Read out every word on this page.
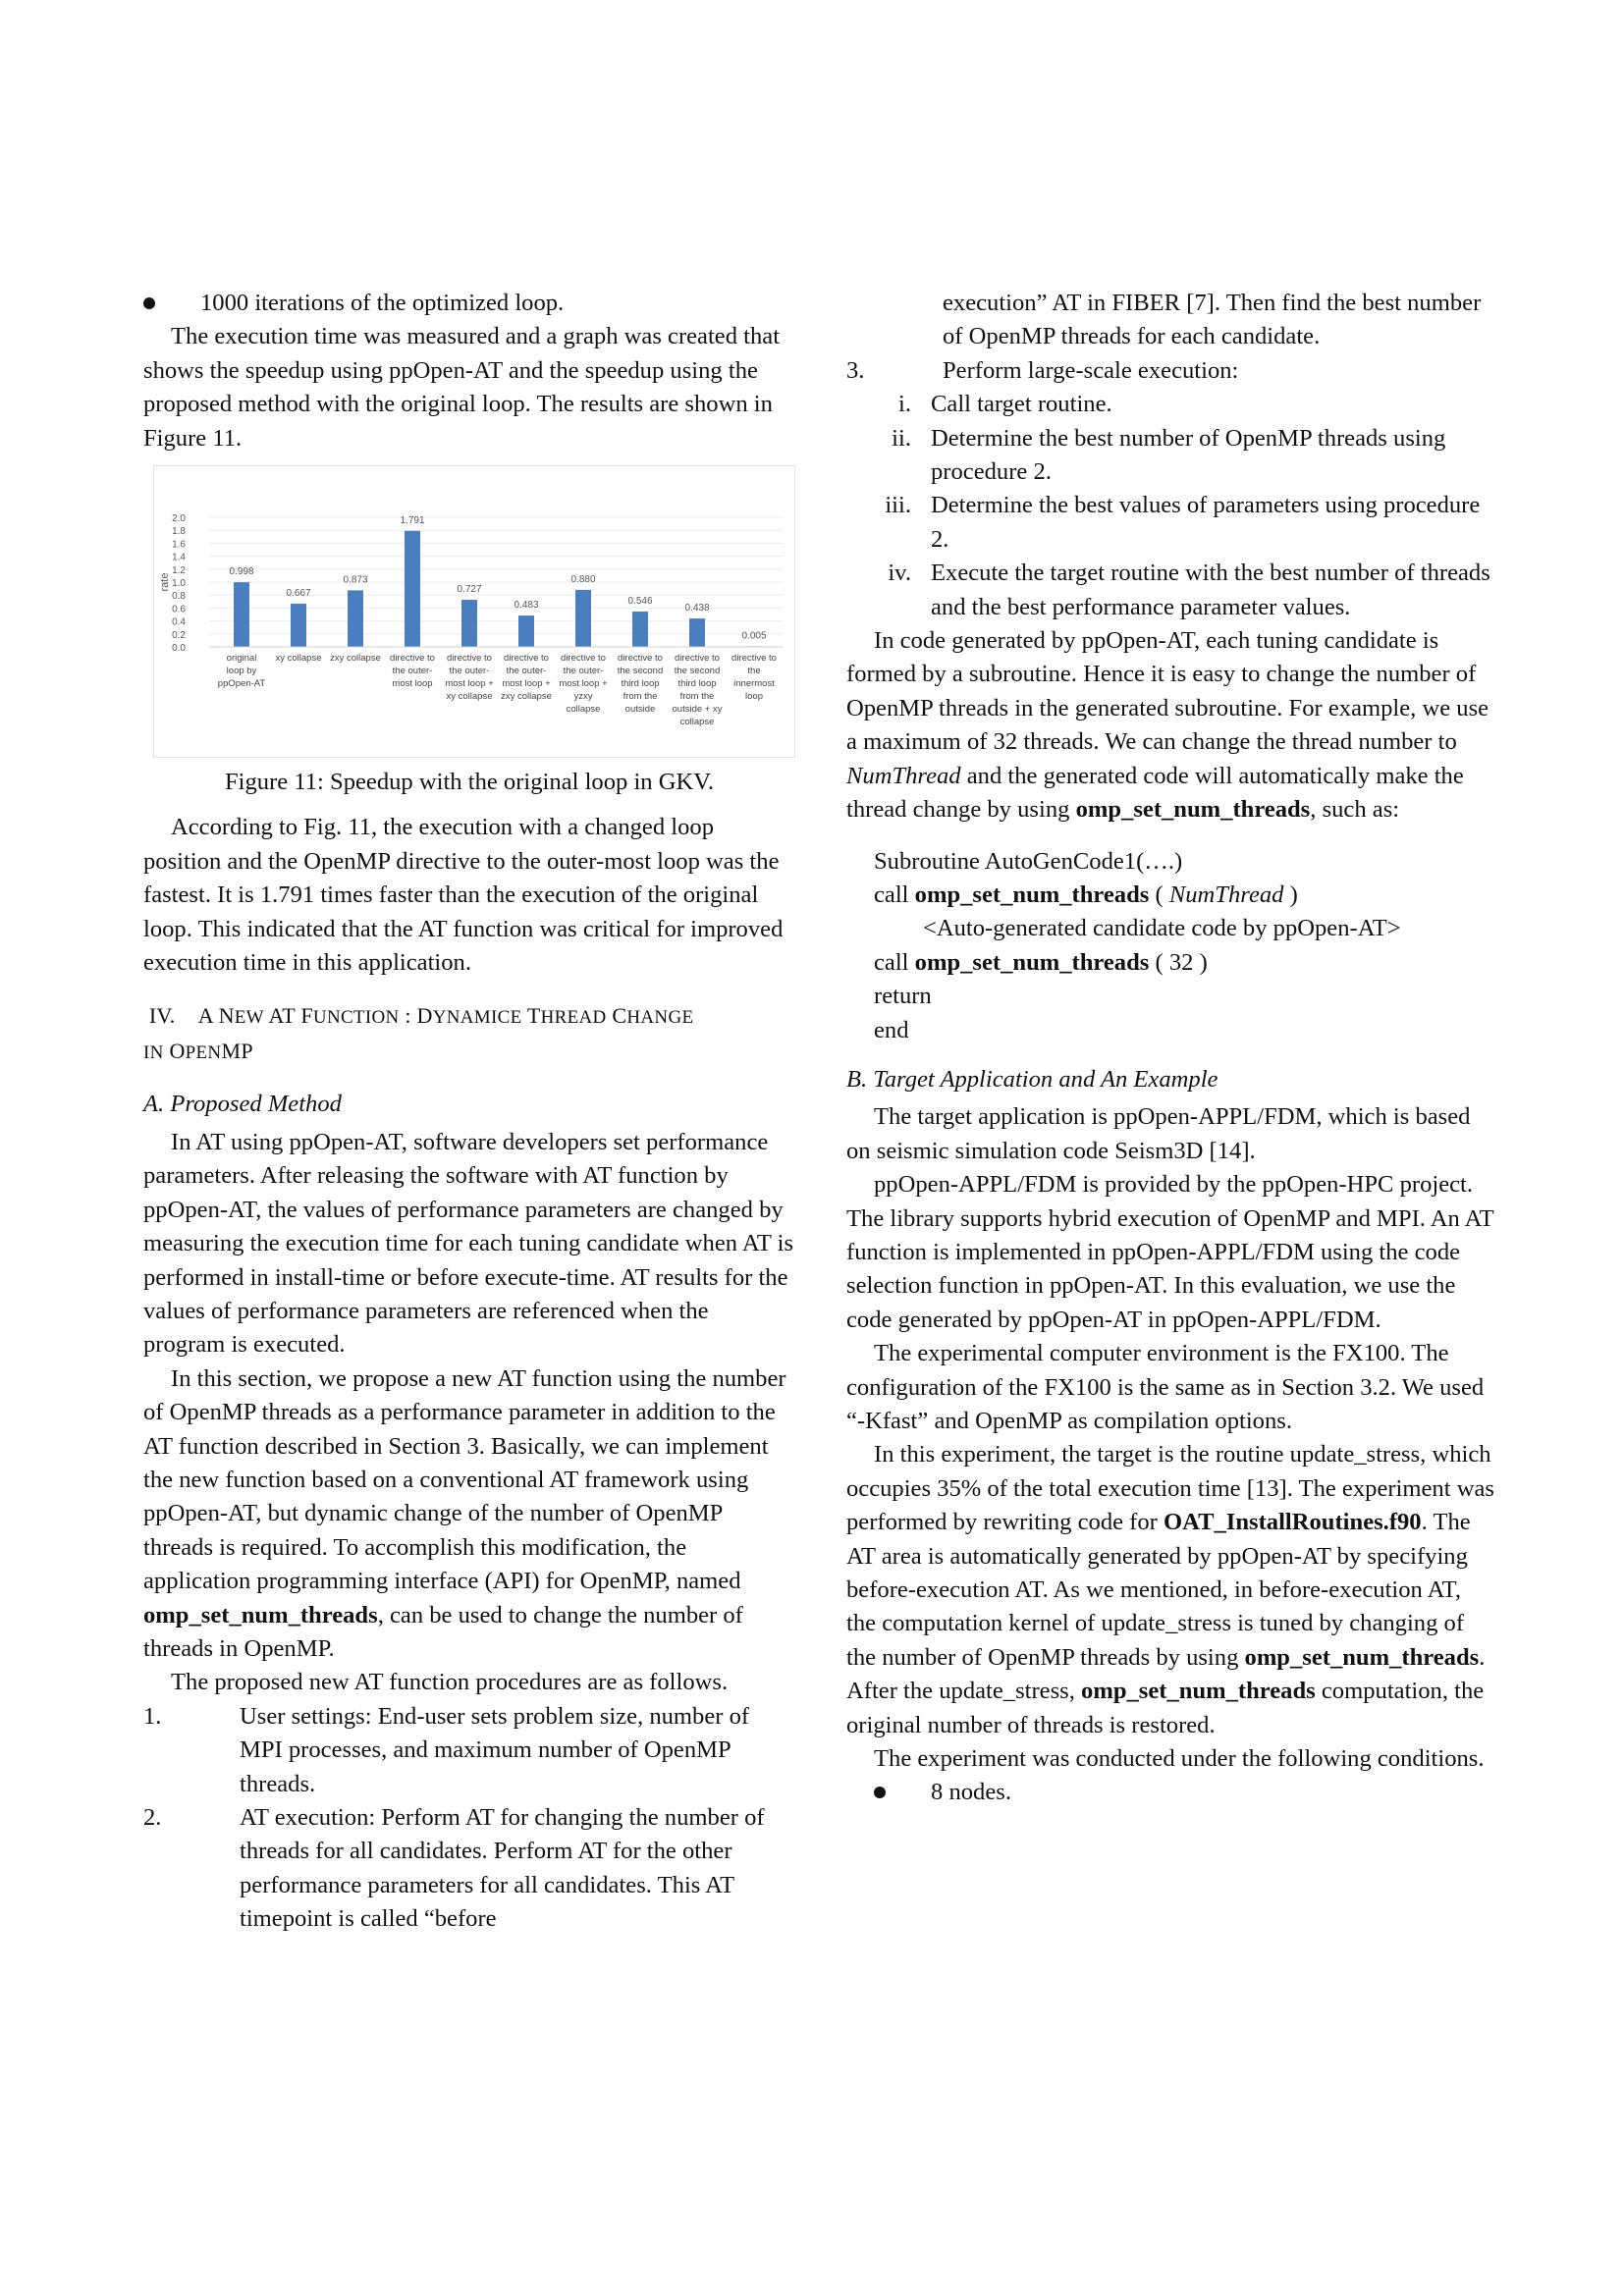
1000 iterations of the optimized loop.

The execution time was measured and a graph was created that shows the speedup using ppOpen-AT and the speedup using the proposed method with the original loop. The results are shown in Figure 11.

0.0
0.2
0.4
0.6
0.8
1.0
1.2
1.4
1.6
1.8
2.0
rate
0.998
original
loop by
ppOpen-AT
0.667
xy collapse
0.873
zxy collapse
1.791
directive to
the outer-
most loop
0.727
directive to
the outer-
most loop +
xy collapse
0.483
directive to
the outer-
most loop +
zxy collapse
0.880
directive to
the outer-
most loop +
yzxy
collapse
0.546
directive to
the second
third loop
from the
outside
0.438
directive to
the second
third loop
from the
outside + xy
collapse
0.005
directive to
the
innermost
loop

Figure 11: Speedup with the original loop in GKV.

According to Fig. 11, the execution with a changed loop position and the OpenMP directive to the outer-most loop was the fastest. It is 1.791 times faster than the execution of the original loop. This indicated that the AT function was critical for improved execution time in this application.

IV. A NEW AT FUNCTION : DYNAMICE THREAD CHANGE
IN OPENMP

A. Proposed Method

In AT using ppOpen-AT, software developers set performance parameters. After releasing the software with AT function by ppOpen-AT, the values of performance parameters are changed by measuring the execution time for each tuning candidate when AT is performed in install-time or before execute-time. AT results for the values of performance parameters are referenced when the program is executed.

In this section, we propose a new AT function using the number of OpenMP threads as a performance parameter in addition to the AT function described in Section 3. Basically, we can implement the new function based on a conventional AT framework using ppOpen-AT, but dynamic change of the number of OpenMP threads is required. To accomplish this modification, the application programming interface (API) for OpenMP, named omp_set_num_threads, can be used to change the number of threads in OpenMP.

The proposed new AT function procedures are as follows.

1.	User settings: End-user sets problem size, number of MPI processes, and maximum number of OpenMP threads.
2.	AT execution: Perform AT for changing the number of threads for all candidates. Perform AT for the other performance parameters for all candidates. This AT timepoint is called “before

execution” AT in FIBER [7]. Then find the best number of OpenMP threads for each candidate.

3.	Perform large-scale execution:
i. Call target routine.
ii. Determine the best number of OpenMP threads using procedure 2.
iii. Determine the best values of parameters using procedure 2.
iv. Execute the target routine with the best number of threads and the best performance parameter values.

In code generated by ppOpen-AT, each tuning candidate is formed by a subroutine. Hence it is easy to change the number of OpenMP threads in the generated subroutine. For example, we use a maximum of 32 threads. We can change the thread number to NumThread and the generated code will automatically make the thread change by using omp_set_num_threads, such as:

Subroutine AutoGenCode1(….)

call omp_set_num_threads ( NumThread )

<Auto-generated candidate code by ppOpen-AT>

call omp_set_num_threads ( 32 )

return

end

B. Target Application and An Example

The target application is ppOpen-APPL/FDM, which is based on seismic simulation code Seism3D [14].

ppOpen-APPL/FDM is provided by the ppOpen-HPC project. The library supports hybrid execution of OpenMP and MPI. An AT function is implemented in ppOpen-APPL/FDM using the code selection function in ppOpen-AT. In this evaluation, we use the code generated by ppOpen-AT in ppOpen-APPL/FDM.

The experimental computer environment is the FX100. The configuration of the FX100 is the same as in Section 3.2. We used “-Kfast” and OpenMP as compilation options.

In this experiment, the target is the routine update_stress, which occupies 35% of the total execution time [13]. The experiment was performed by rewriting code for OAT_InstallRoutines.f90. The AT area is automatically generated by ppOpen-AT by specifying before-execution AT. As we mentioned, in before-execution AT, the computation kernel of update_stress is tuned by changing of the number of OpenMP threads by using omp_set_num_threads. After the update_stress, omp_set_num_threads computation, the original number of threads is restored.

The experiment was conducted under the following conditions.

8 nodes.
